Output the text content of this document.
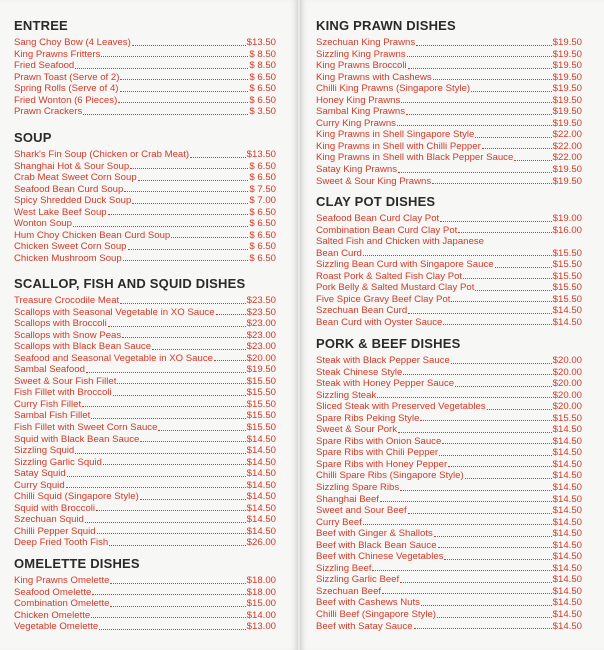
ENTREE
Sang Choy Bow (4 Leaves)	$13.50
King Prawns Fritters	$ 8.50
Fried Seafood	$ 8.50
Prawn Toast (Serve of 2)	$ 6.50
Spring Rolls (Serve of 4)	$ 6.50
Fried Wonton (6 Pieces)	$ 6.50
Prawn Crackers	$ 3.50
SOUP
Shark's Fin Soup (Chicken or Crab Meat)	$13.50
Shanghai Hot & Sour Soup	$ 6.50
Crab Meat Sweet Corn Soup	$ 6.50
Seafood Bean Curd Soup	$ 7.50
Spicy Shredded Duck Soup	$ 7.00
West Lake Beef Soup	$ 6.50
Wonton Soup	$ 6.50
Hum Choy Chicken Bean Curd Soup	$ 6.50
Chicken Sweet Corn Soup	$ 6.50
Chicken Mushroom Soup	$ 6.50
SCALLOP, FISH AND SQUID DISHES
Treasure Crocodile Meat	$23.50
Scallops with Seasonal Vegetable in XO Sauce	$23.50
Scallops with Broccoli	$23.00
Scallops with Snow Peas	$23.00
Scallops with Black Bean Sauce	$23.00
Seafood and Seasonal Vegetable in XO Sauce	$20.00
Sambal Seafood	$19.50
Sweet & Sour Fish Fillet	$15.50
Fish Fillet with Broccoli	$15.50
Curry Fish Fillet	$15.50
Sambal Fish Fillet	$15.50
Fish Fillet with Sweet Corn Sauce	$15.50
Squid with Black Bean Sauce	$14.50
Sizzling Squid	$14.50
Sizzling Garlic Squid	$14.50
Satay Squid	$14.50
Curry Squid	$14.50
Chilli Squid (Singapore Style)	$14.50
Squid with Broccoli	$14.50
Szechuan Squid	$14.50
Chilli Pepper Squid	$14.50
Deep Fried Tooth Fish	$26.00
OMELETTE DISHES
King Prawns Omelette	$18.00
Seafood Omelette	$18.00
Combination Omelette	$15.00
Chicken Omelette	$14.00
Vegetable Omelette	$13.00
KING PRAWN DISHES
Szechuan King Prawns	$19.50
Sizzling King Prawns	$19.50
King Prawns Broccoli	$19.50
King Prawns with Cashews	$19.50
Chilli King Prawns (Singapore Style)	$19.50
Honey King Prawns	$19.50
Sambal King Prawns	$19.50
Curry King Prawns	$19.50
King Prawns in Shell Singapore Style	$22.00
King Prawns in Shell with Chilli Pepper	$22.00
King Prawns in Shell with Black Pepper Sauce	$22.00
Satay King Prawns	$19.50
Sweet & Sour King Prawns	$19.50
CLAY POT DISHES
Seafood Bean Curd Clay Pot	$19.00
Combination Bean Curd Clay Pot	$16.00
Salted Fish and Chicken with Japanese
Bean Curd	$15.50
Sizzling Bean Curd with Singapore Sauce	$15.50
Roast Pork & Salted Fish Clay Pot	$15.50
Pork Belly & Salted Mustard Clay Pot	$15.50
Five Spice Gravy Beef Clay Pot	$15.50
Szechuan Bean Curd	$14.50
Bean Curd with Oyster Sauce	$14.50
PORK & BEEF DISHES
Steak with Black Pepper Sauce	$20.00
Steak Chinese Style	$20.00
Steak with Honey Pepper Sauce	$20.00
Sizzling Steak	$20.00
Sliced Steak with Preserved Vegetables	$20.00
Spare Ribs Peking Style	$15.50
Sweet & Sour Pork	$14.50
Spare Ribs with Onion Sauce	$14.50
Spare Ribs with Chili Pepper	$14.50
Spare Ribs with Honey Pepper	$14.50
Chilli Spare Ribs (Singapore Style)	$14.50
Sizzling Spare Ribs	$14.50
Shanghai Beef	$14.50
Sweet and Sour Beef	$14.50
Curry Beef	$14.50
Beef with Ginger & Shallots	$14.50
Beef with Black Bean Sauce	$14.50
Beef with Chinese Vegetables	$14.50
Sizzling Beef	$14.50
Sizzling Garlic Beef	$14.50
Szechuan Beef	$14.50
Beef with Cashews Nuts	$14.50
Chilli Beef (Singapore Style)	$14.50
Beef with Satay Sauce	$14.50
